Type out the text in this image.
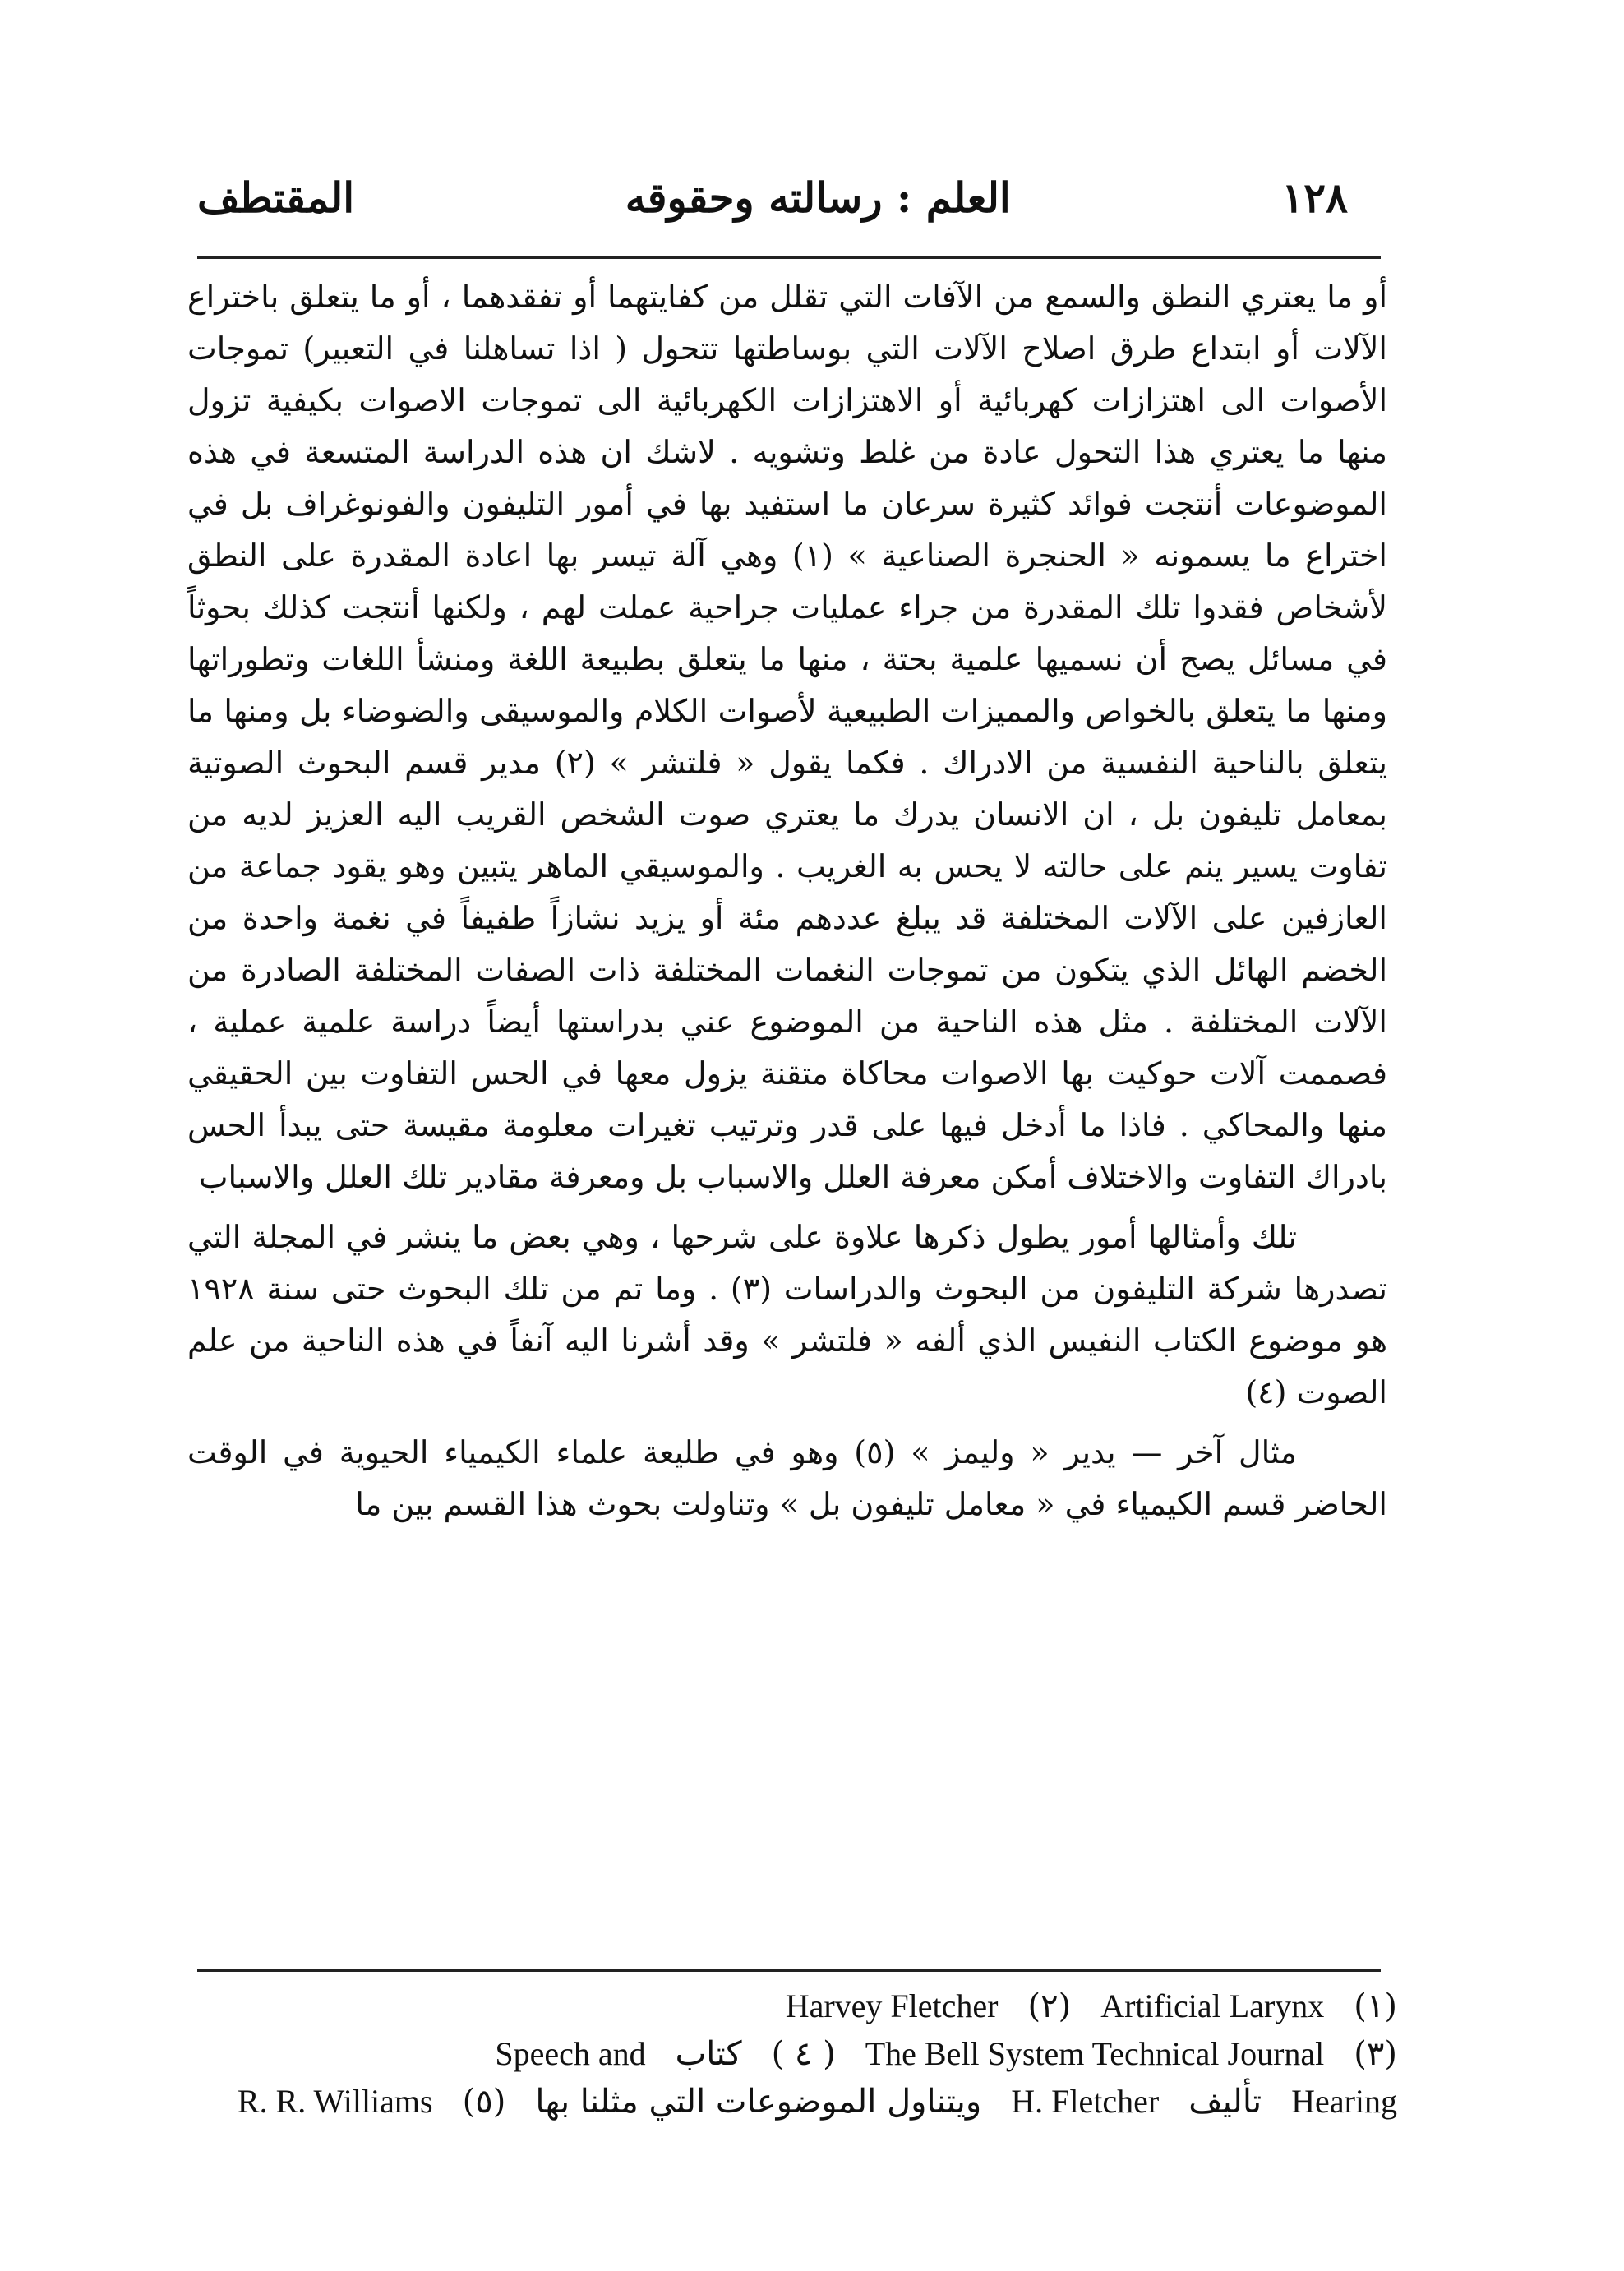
١٢٨
العلم : رسالته وحقوقه
المقتطف

أو ما يعتري النطق والسمع من الآفات التي تقلل من كفايتهما أو تفقدهما ، أو ما يتعلق باختراع الآلات أو ابتداع طرق اصلاح الآلات التي بوساطتها تتحول ( اذا تساهلنا في التعبير) تموجات الأصوات الى اهتزازات كهربائية أو الاهتزازات الكهربائية الى تموجات الاصوات بكيفية تزول منها ما يعتري هذا التحول عادة من غلط وتشويه . لاشك ان هذه الدراسة المتسعة في هذه الموضوعات أنتجت فوائد كثيرة سرعان ما استفيد بها في أمور التليفون والفونوغراف بل في اختراع ما يسمونه « الحنجرة الصناعية » (١) وهي آلة تيسر بها اعادة المقدرة على النطق لأشخاص فقدوا تلك المقدرة من جراء عمليات جراحية عملت لهم ، ولكنها أنتجت كذلك بحوثاً في مسائل يصح أن نسميها علمية بحتة ، منها ما يتعلق بطبيعة اللغة ومنشأ اللغات وتطوراتها ومنها ما يتعلق بالخواص والمميزات الطبيعية لأصوات الكلام والموسيقى والضوضاء بل ومنها ما يتعلق بالناحية النفسية من الادراك . فكما يقول « فلتشر » (٢) مدير قسم البحوث الصوتية بمعامل تليفون بل ، ان الانسان يدرك ما يعتري صوت الشخص القريب اليه العزيز لديه من تفاوت يسير ينم على حالته لا يحس به الغريب . والموسيقي الماهر يتبين وهو يقود جماعة من العازفين على الآلات المختلفة قد يبلغ عددهم مئة أو يزيد نشازاً طفيفاً في نغمة واحدة من الخضم الهائل الذي يتكون من تموجات النغمات المختلفة ذات الصفات المختلفة الصادرة من الآلات المختلفة . مثل هذه الناحية من الموضوع عني بدراستها أيضاً دراسة علمية عملية ، فصممت آلات حوكيت بها الاصوات محاكاة متقنة يزول معها في الحس التفاوت بين الحقيقي منها والمحاكي . فاذا ما أدخل فيها على قدر وترتيب تغيرات معلومة مقيسة حتى يبدأ الحس بادراك التفاوت والاختلاف أمكن معرفة العلل والاسباب بل ومعرفة مقادير تلك العلل والاسباب

تلك وأمثالها أمور يطول ذكرها علاوة على شرحها ، وهي بعض ما ينشر في المجلة التي تصدرها شركة التليفون من البحوث والدراسات (٣) . وما تم من تلك البحوث حتى سنة ١٩٢٨ هو موضوع الكتاب النفيس الذي ألفه « فلتشر » وقد أشرنا اليه آنفاً في هذه الناحية من علم الصوت (٤)

مثال آخر — يدير « وليمز » (٥) وهو في طليعة علماء الكيمياء الحيوية في الوقت الحاضر قسم الكيمياء في « معامل تليفون بل » وتناولت بحوث هذا القسم بين ما

(١)
Artificial Larynx
(٢)
Harvey Fletcher
(٣)
The Bell System Technical Journal
( ٤ )
كتاب
Speech and
Hearing
تأليف
H. Fletcher
ويتناول الموضوعات التي مثلنا بها
(٥)
R. R. Williams
